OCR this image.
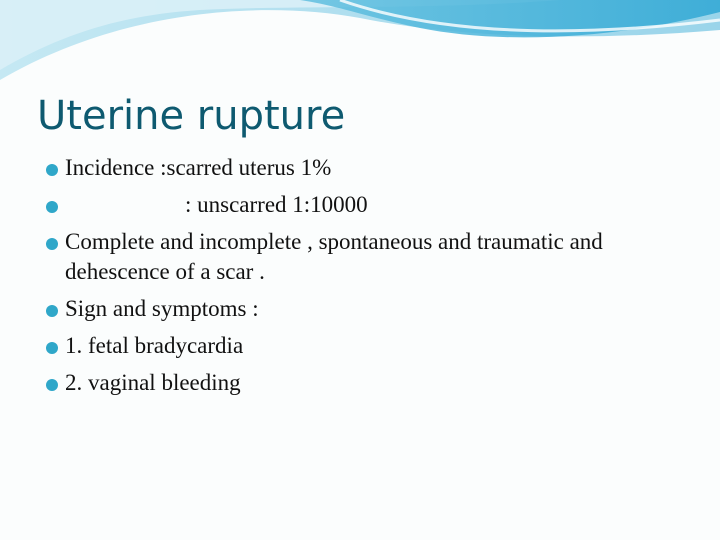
Uterine rupture
Incidence :scarred uterus 1%
: unscarred 1:10000
Complete and incomplete , spontaneous and traumatic and dehescence of a scar .
Sign and symptoms :
1. fetal bradycardia
2. vaginal bleeding
